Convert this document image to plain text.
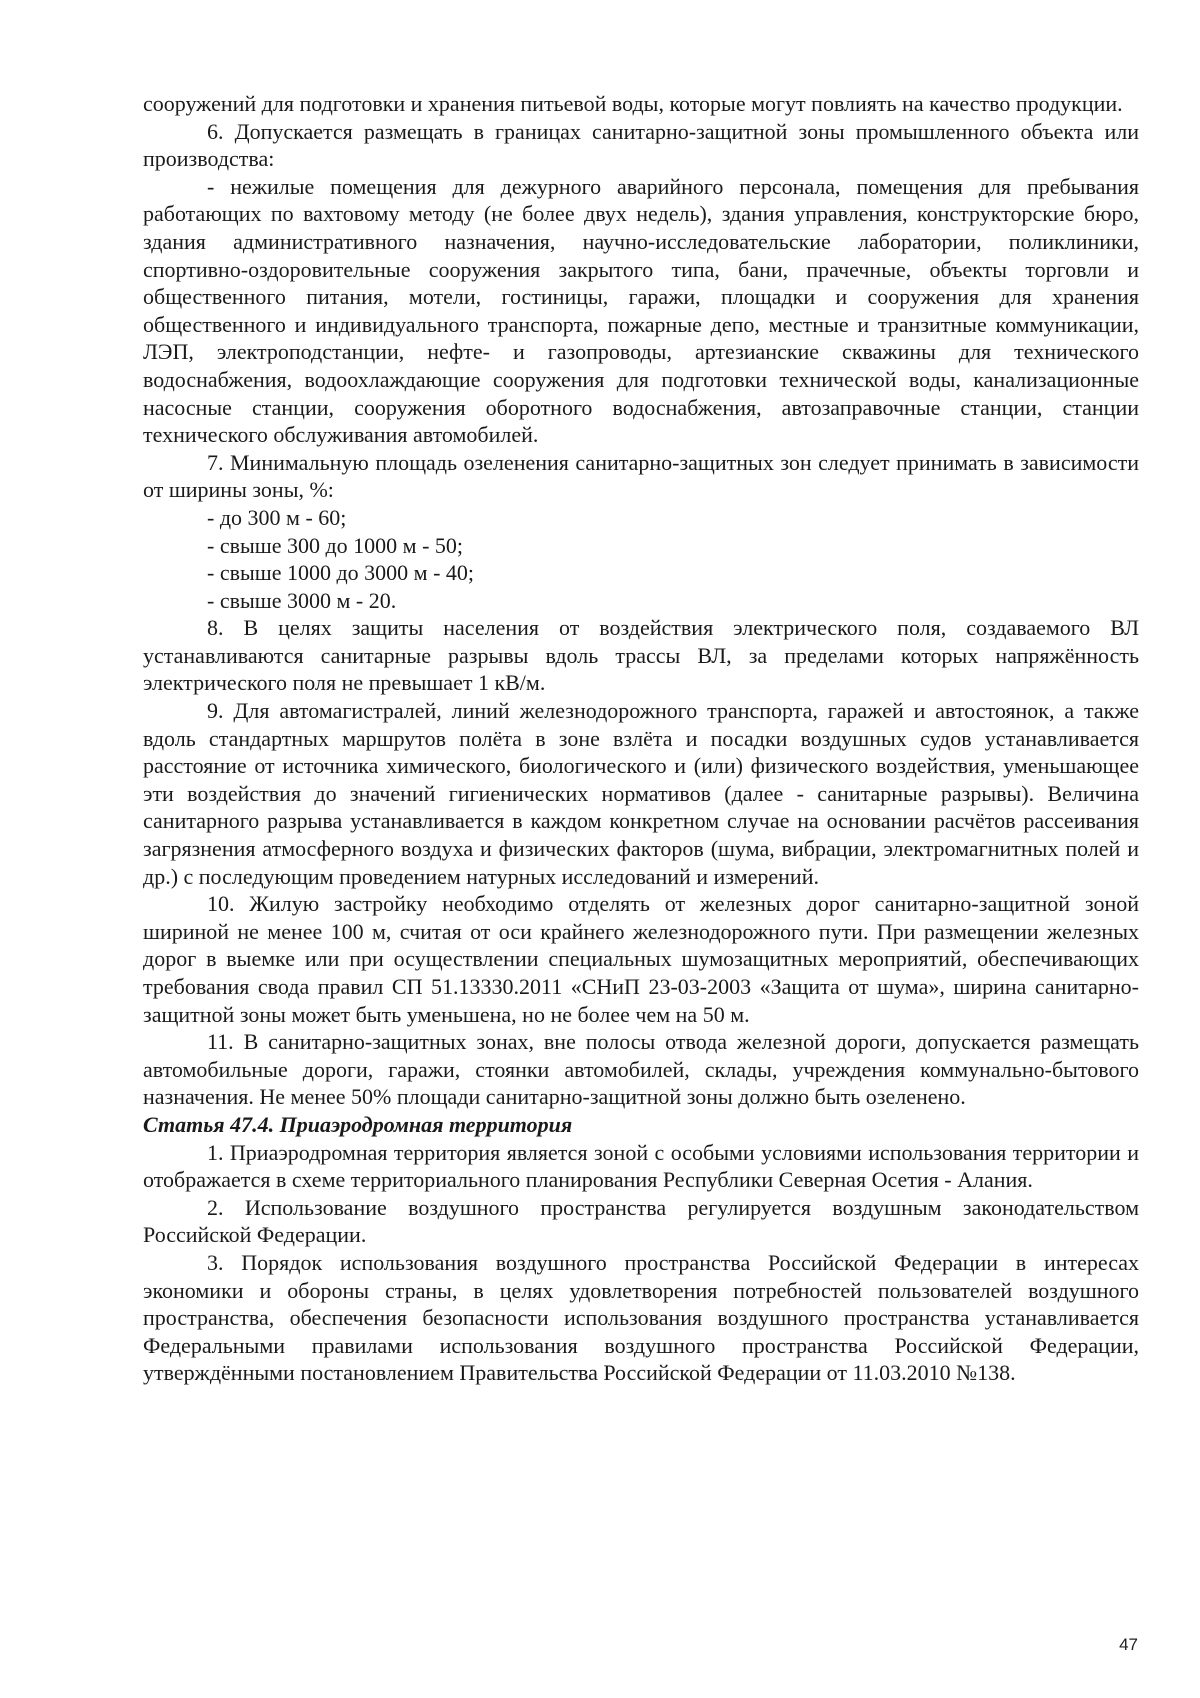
сооружений для подготовки и хранения питьевой воды, которые могут повлиять на качество продукции.

6. Допускается размещать в границах санитарно-защитной зоны промышленного объекта или производства:

- нежилые помещения для дежурного аварийного персонала, помещения для пребывания работающих по вахтовому методу (не более двух недель), здания управления, конструкторские бюро, здания административного назначения, научно-исследовательские лаборатории, поликлиники, спортивно-оздоровительные сооружения закрытого типа, бани, прачечные, объекты торговли и общественного питания, мотели, гостиницы, гаражи, площадки и сооружения для хранения общественного и индивидуального транспорта, пожарные депо, местные и транзитные коммуникации, ЛЭП, электроподстанции, нефте- и газопроводы, артезианские скважины для технического водоснабжения, водоохлаждающие сооружения для подготовки технической воды, канализационные насосные станции, сооружения оборотного водоснабжения, автозаправочные станции, станции технического обслуживания автомобилей.

7. Минимальную площадь озеленения санитарно-защитных зон следует принимать в зависимости от ширины зоны, %:

- до 300 м - 60;

- свыше 300 до 1000 м - 50;

- свыше 1000 до 3000 м - 40;

- свыше 3000 м - 20.

8. В целях защиты населения от воздействия электрического поля, создаваемого ВЛ устанавливаются санитарные разрывы вдоль трассы ВЛ, за пределами которых напряжённость электрического поля не превышает 1 кВ/м.

9. Для автомагистралей, линий железнодорожного транспорта, гаражей и автостоянок, а также вдоль стандартных маршрутов полёта в зоне взлёта и посадки воздушных судов устанавливается расстояние от источника химического, биологического и (или) физического воздействия, уменьшающее эти воздействия до значений гигиенических нормативов (далее - санитарные разрывы). Величина санитарного разрыва устанавливается в каждом конкретном случае на основании расчётов рассеивания загрязнения атмосферного воздуха и физических факторов (шума, вибрации, электромагнитных полей и др.) с последующим проведением натурных исследований и измерений.

10. Жилую застройку необходимо отделять от железных дорог санитарно-защитной зоной шириной не менее 100 м, считая от оси крайнего железнодорожного пути. При размещении железных дорог в выемке или при осуществлении специальных шумозащитных мероприятий, обеспечивающих требования свода правил СП 51.13330.2011 «СНиП 23-03-2003 «Защита от шума», ширина санитарно-защитной зоны может быть уменьшена, но не более чем на 50 м.

11. В санитарно-защитных зонах, вне полосы отвода железной дороги, допускается размещать автомобильные дороги, гаражи, стоянки автомобилей, склады, учреждения коммунально-бытового назначения. Не менее 50% площади санитарно-защитной зоны должно быть озеленено.

Статья 47.4. Приаэродромная территория

1. Приаэродромная территория является зоной с особыми условиями использования территории и отображается в схеме территориального планирования Республики Северная Осетия - Алания.

2. Использование воздушного пространства регулируется воздушным законодательством Российской Федерации.

3. Порядок использования воздушного пространства Российской Федерации в интересах экономики и обороны страны, в целях удовлетворения потребностей пользователей воздушного пространства, обеспечения безопасности использования воздушного пространства устанавливается Федеральными правилами использования воздушного пространства Российской Федерации, утверждёнными постановлением Правительства Российской Федерации от 11.03.2010 №138.

47
